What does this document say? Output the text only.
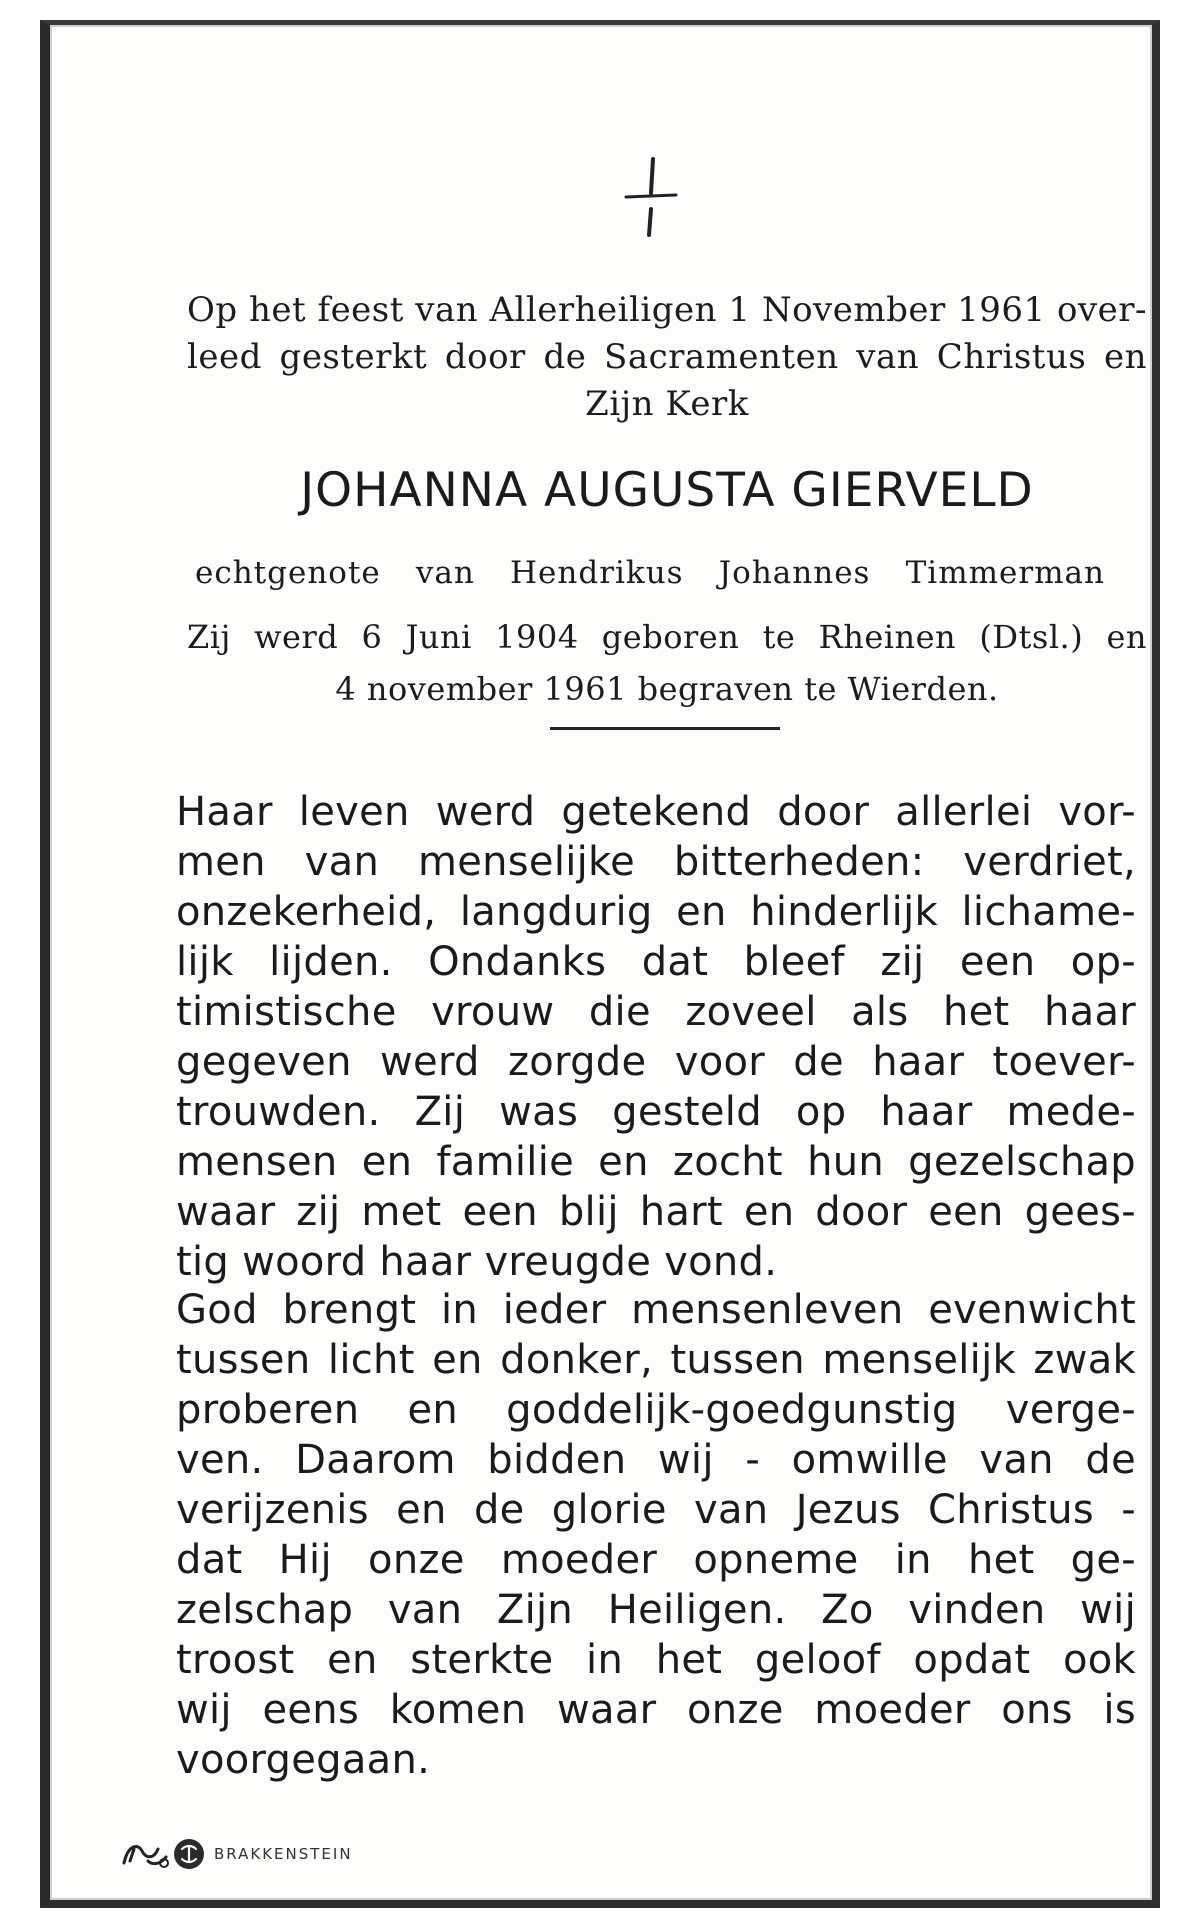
Op het feest van Allerheiligen 1 November 1961 over-
leed gesterkt door de Sacramenten van Christus en
Zijn Kerk
JOHANNA AUGUSTA GIERVELD
echtgenote van Hendrikus Johannes Timmerman
Zij werd 6 Juni 1904 geboren te Rheinen (Dtsl.) en
4 november 1961 begraven te Wierden.
Haar leven werd getekend door allerlei vor-
men van menselijke bitterheden: verdriet,
onzekerheid, langdurig en hinderlijk lichame-
lijk lijden. Ondanks dat bleef zij een op-
timistische vrouw die zoveel als het haar
gegeven werd zorgde voor de haar toever-
trouwden. Zij was gesteld op haar mede-
mensen en familie en zocht hun gezelschap
waar zij met een blij hart en door een gees-
tig woord haar vreugde vond.
God brengt in ieder mensenleven evenwicht
tussen licht en donker, tussen menselijk zwak
proberen en goddelijk-goedgunstig verge-
ven. Daarom bidden wij - omwille van de
verijzenis en de glorie van Jezus Christus -
dat Hij onze moeder opneme in het ge-
zelschap van Zijn Heiligen. Zo vinden wij
troost en sterkte in het geloof opdat ook
wij eens komen waar onze moeder ons is
voorgegaan.
BRAKKENSTEIN
